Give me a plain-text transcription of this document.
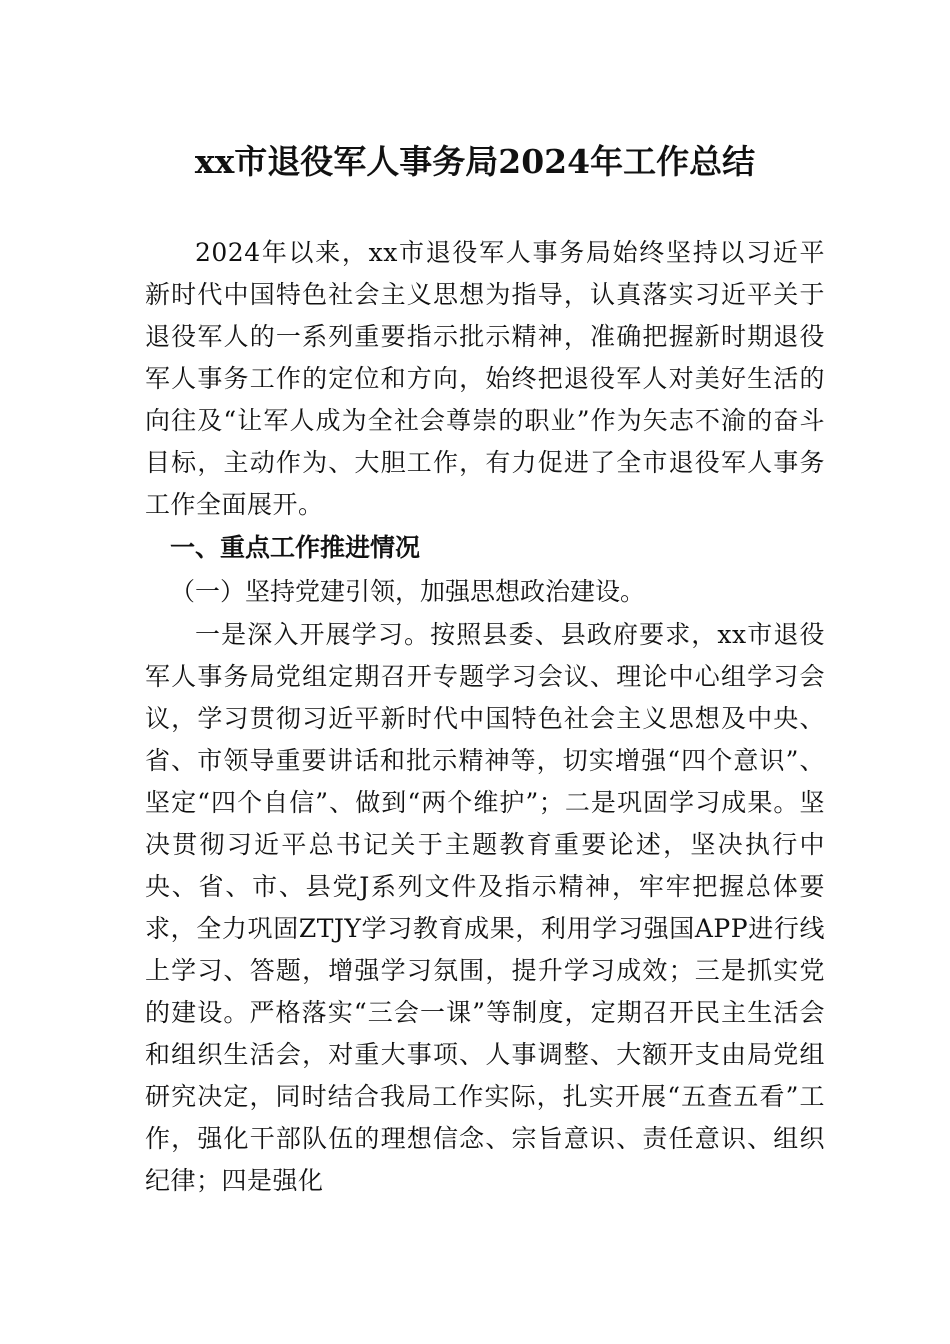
xx市退役军人事务局2024年工作总结

2024年以来，xx市退役军人事务局始终坚持以习近平新时代中国特色社会主义思想为指导，认真落实习近平关于退役军人的一系列重要指示批示精神，准确把握新时期退役军人事务工作的定位和方向，始终把退役军人对美好生活的向往及“让军人成为全社会尊崇的职业”作为矢志不渝的奋斗目标，主动作为、大胆工作，有力促进了全市退役军人事务工作全面展开。

一、重点工作推进情况

（一）坚持党建引领，加强思想政治建设。

一是深入开展学习。按照县委、县政府要求，xx市退役军人事务局党组定期召开专题学习会议、理论中心组学习会议，学习贯彻习近平新时代中国特色社会主义思想及中央、省、市领导重要讲话和批示精神等，切实增强“四个意识”、坚定“四个自信”、做到“两个维护”；二是巩固学习成果。坚决贯彻习近平总书记关于主题教育重要论述，坚决执行中央、省、市、县党J系列文件及指示精神，牢牢把握总体要求，全力巩固ZTJY学习教育成果，利用学习强国APP进行线上学习、答题，增强学习氛围，提升学习成效；三是抓实党的建设。严格落实“三会一课”等制度，定期召开民主生活会和组织生活会，对重大事项、人事调整、大额开支由局党组研究决定，同时结合我局工作实际，扎实开展“五查五看”工作，强化干部队伍的理想信念、宗旨意识、责任意识、组织纪律；四是强化
